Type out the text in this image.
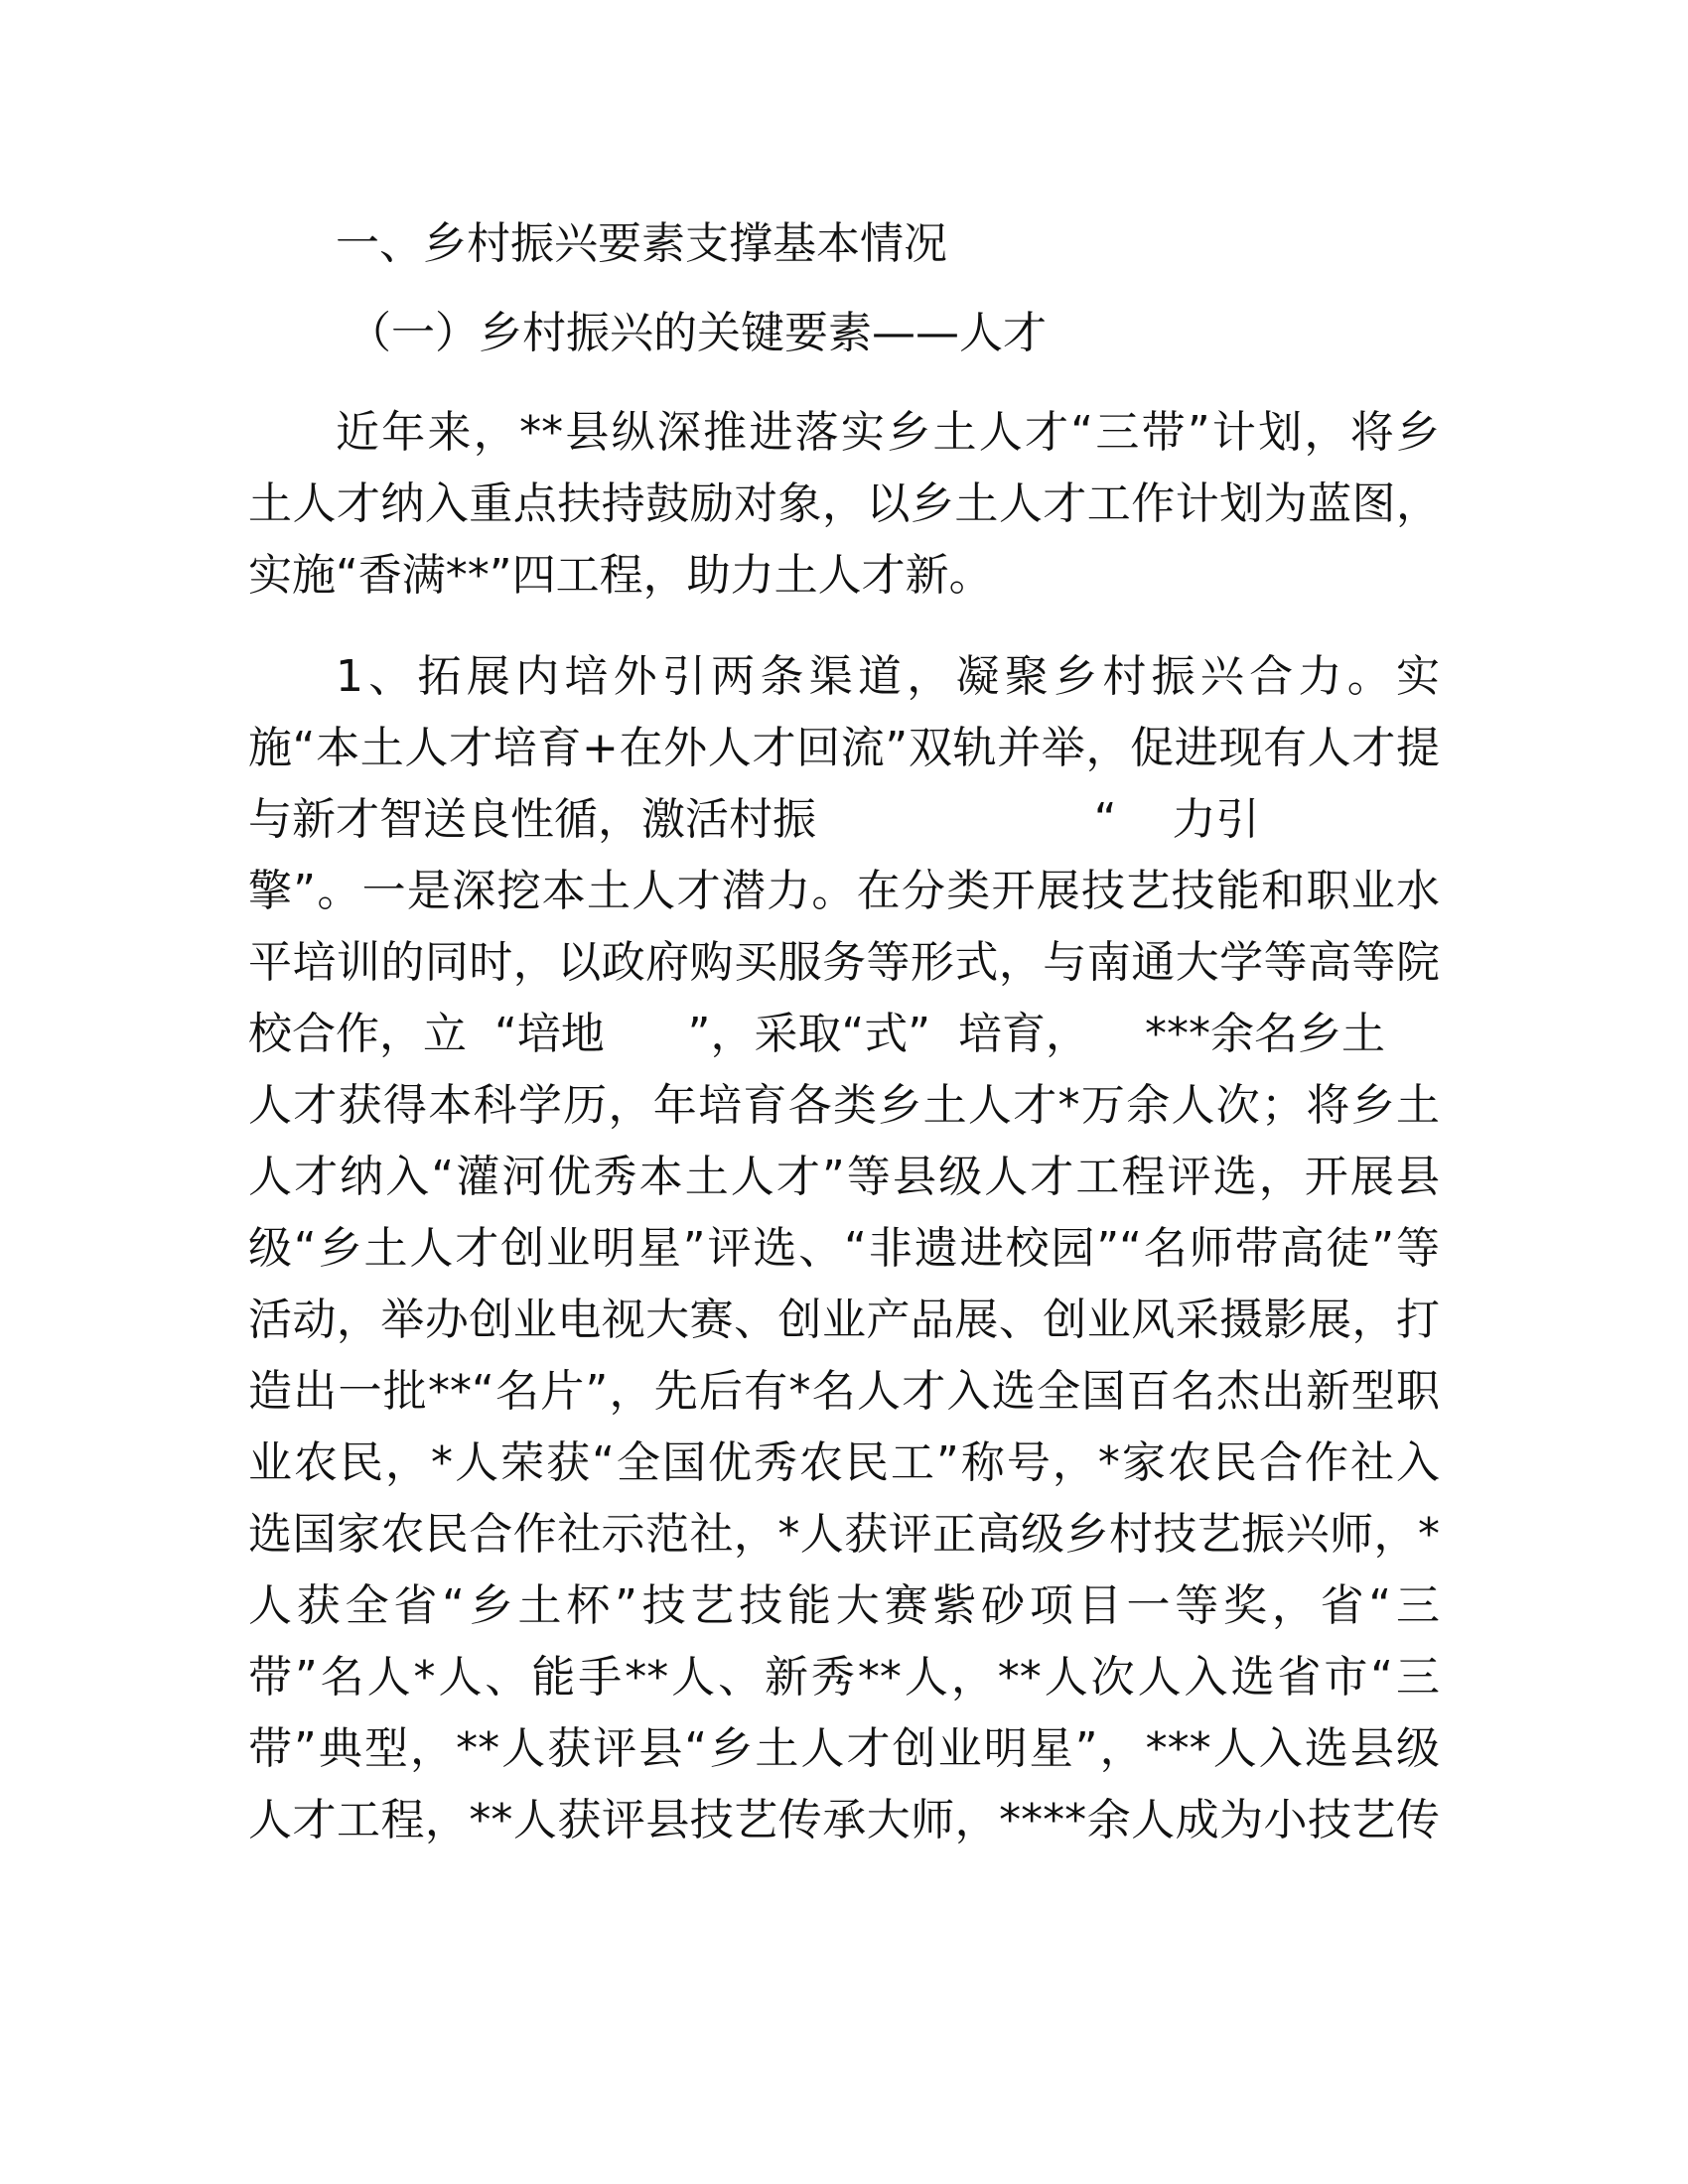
一、乡村振兴要素支撑基本情况
（一）乡村振兴的关键要素——人才
近年来，**县纵深推进落实乡土人才“三带”计划，将乡
土人才纳入重点扶持鼓励对象，以乡土人才工作计划为蓝图，
实施“香满**”四工程，助力土人才新。
1、拓展内培外引两条渠道，凝聚乡村振兴合力。实
施“本土人才培育+在外人才回流”双轨并举，促进现有人才提
与新才智送良性循，激活村振                    “    力引
擎”。一是深挖本土人才潜力。在分类开展技艺技能和职业水
平培训的同时，以政府购买服务等形式，与南通大学等高等院
校合作，立  “培地      ”，采取“式”  培育，    ***余名乡土
人才获得本科学历，年培育各类乡土人才*万余人次；将乡土
人才纳入“灌河优秀本土人才”等县级人才工程评选，开展县
级“乡土人才创业明星”评选、“非遗进校园”“名师带高徒”等
活动，举办创业电视大赛、创业产品展、创业风采摄影展，打
造出一批**“名片”，先后有*名人才入选全国百名杰出新型职
业农民，*人荣获“全国优秀农民工”称号，*家农民合作社入
选国家农民合作社示范社，*人获评正高级乡村技艺振兴师，*
人获全省“乡土杯”技艺技能大赛紫砂项目一等奖，省“三
带”名人*人、能手**人、新秀**人，**人次人入选省市“三
带”典型，**人获评县“乡土人才创业明星”，***人入选县级
人才工程，**人获评县技艺传承大师，****余人成为小技艺传
